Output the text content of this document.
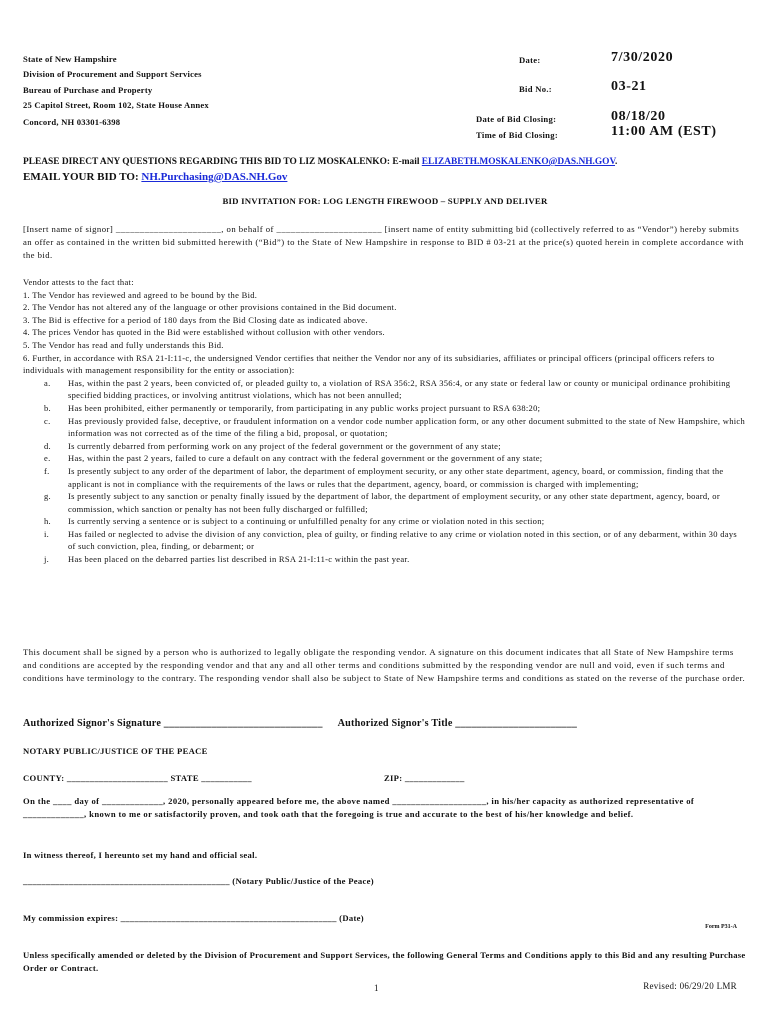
State of New Hampshire
Division of Procurement and Support Services
Bureau of Purchase and Property
25 Capitol Street, Room 102, State House Annex
Concord, NH 03301-6398
Date:	7/30/2020
Bid No.:	03-21
Date of Bid Closing:	08/18/20
Time of Bid Closing:	11:00 AM (EST)
PLEASE DIRECT ANY QUESTIONS REGARDING THIS BID TO LIZ MOSKALENKO: E-mail ELIZABETH.MOSKALENKO@DAS.NH.GOV.
EMAIL YOUR BID TO: NH.Purchasing@DAS.NH.Gov
BID INVITATION FOR: LOG LENGTH FIREWOOD – SUPPLY AND DELIVER

[Insert name of signor] ______________________, on behalf of ______________________ [insert name of entity submitting bid (collectively referred to as “Vendor”) hereby submits an offer as contained in the written bid submitted herewith (“Bid”) to the State of New Hampshire in response to BID # 03-21 at the price(s) quoted herein in complete accordance with the bid.

Vendor attests to the fact that:
1. The Vendor has reviewed and agreed to be bound by the Bid.
2. The Vendor has not altered any of the language or other provisions contained in the Bid document.
3. The Bid is effective for a period of 180 days from the Bid Closing date as indicated above.
4. The prices Vendor has quoted in the Bid were established without collusion with other vendors.
5. The Vendor has read and fully understands this Bid.
6. Further, in accordance with RSA 21-I:11-c, the undersigned Vendor certifies that neither the Vendor nor any of its subsidiaries, affiliates or principal officers (principal officers refers to individuals with management responsibility for the entity or association):
a. Has, within the past 2 years, been convicted of, or pleaded guilty to, a violation of RSA 356:2, RSA 356:4, or any state or federal law or county or municipal ordinance prohibiting specified bidding practices, or involving antitrust violations, which has not been annulled;
b. Has been prohibited, either permanently or temporarily, from participating in any public works project pursuant to RSA 638:20;
c. Has previously provided false, deceptive, or fraudulent information on a vendor code number application form, or any other document submitted to the state of New Hampshire, which information was not corrected as of the time of the filing a bid, proposal, or quotation;
d. Is currently debarred from performing work on any project of the federal government or the government of any state;
e. Has, within the past 2 years, failed to cure a default on any contract with the federal government or the government of any state;
f. Is presently subject to any order of the department of labor, the department of employment security, or any other state department, agency, board, or commission, finding that the applicant is not in compliance with the requirements of the laws or rules that the department, agency, board, or commission is charged with implementing;
g. Is presently subject to any sanction or penalty finally issued by the department of labor, the department of employment security, or any other state department, agency, board, or commission, which sanction or penalty has not been fully discharged or fulfilled;
h. Is currently serving a sentence or is subject to a continuing or unfulfilled penalty for any crime or violation noted in this section;
i. Has failed or neglected to advise the division of any conviction, plea of guilty, or finding relative to any crime or violation noted in this section, or of any debarment, within 30 days of such conviction, plea, finding, or debarment; or
j. Has been placed on the debarred parties list described in RSA 21-I:11-c within the past year.

This document shall be signed by a person who is authorized to legally obligate the responding vendor. A signature on this document indicates that all State of New Hampshire terms and conditions are accepted by the responding vendor and that any and all other terms and conditions submitted by the responding vendor are null and void, even if such terms and conditions have terminology to the contrary. The responding vendor shall also be subject to State of New Hampshire terms and conditions as stated on the reverse of the purchase order.

Authorized Signor's Signature ______________________________ Authorized Signor's Title _______________________
NOTARY PUBLIC/JUSTICE OF THE PEACE
COUNTY: ______________________ STATE ___________	ZIP: _____________
On the ____ day of _____________, 2020, personally appeared before me, the above named ____________________, in his/her capacity as authorized representative of _____________, known to me or satisfactorily proven, and took oath that the foregoing is true and accurate to the best of his/her knowledge and belief.
In witness thereof, I hereunto set my hand and official seal.
_____________________________________________ (Notary Public/Justice of the Peace)
My commission expires: _______________________________________________ (Date)
Form P31-A
Unless specifically amended or deleted by the Division of Procurement and Support Services, the following General Terms and Conditions apply to this Bid and any resulting Purchase Order or Contract.
1	Revised: 06/29/20 LMR
